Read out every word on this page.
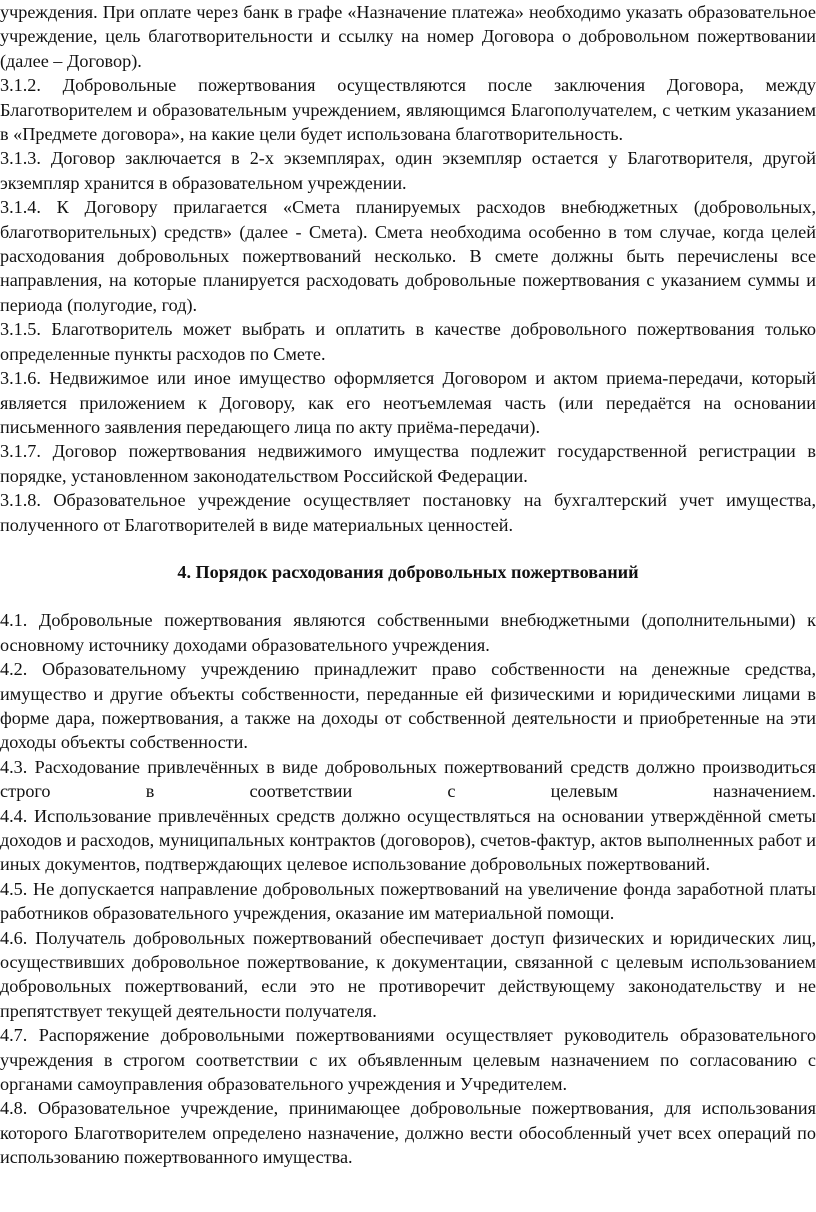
учреждения. При оплате через банк в графе «Назначение платежа» необходимо указать образовательное учреждение, цель благотворительности и ссылку на номер Договора о добровольном пожертвовании (далее – Договор).

3.1.2. Добровольные пожертвования осуществляются после заключения Договора, между Благотворителем и образовательным учреждением, являющимся Благополучателем, с четким указанием в «Предмете договора», на какие цели будет использована благотворительность.

3.1.3. Договор заключается в 2-х экземплярах, один экземпляр остается у Благотворителя, другой экземпляр хранится в образовательном учреждении.

3.1.4. К Договору прилагается «Смета планируемых расходов внебюджетных (добровольных, благотворительных) средств» (далее - Смета). Смета необходима особенно в том случае, когда целей расходования добровольных пожертвований несколько. В смете должны быть перечислены все направления, на которые планируется расходовать добровольные пожертвования с указанием суммы и периода (полугодие, год).

3.1.5. Благотворитель может выбрать и оплатить в качестве добровольного пожертвования только определенные пункты расходов по Смете.

3.1.6. Недвижимое или иное имущество оформляется Договором и актом приема-передачи, который является приложением к Договору, как его неотъемлемая часть (или передаётся на основании письменного заявления передающего лица по акту приёма-передачи).

3.1.7. Договор пожертвования недвижимого имущества подлежит государственной регистрации в порядке, установленном законодательством Российской Федерации.

3.1.8. Образовательное учреждение осуществляет постановку на бухгалтерский учет имущества, полученного от Благотворителей в виде материальных ценностей.

4. Порядок расходования добровольных пожертвований

4.1. Добровольные пожертвования являются собственными внебюджетными (дополнительными) к основному источнику доходами образовательного учреждения.

4.2. Образовательному учреждению принадлежит право собственности на денежные средства, имущество и другие объекты собственности, переданные ей физическими и юридическими лицами в форме дара, пожертвования, а также на доходы от собственной деятельности и приобретенные на эти доходы объекты собственности.

4.3. Расходование привлечённых в виде добровольных пожертвований средств должно производиться строго в соответствии с целевым назначением.

4.4. Использование привлечённых средств должно осуществляться на основании утверждённой сметы доходов и расходов, муниципальных контрактов (договоров), счетов-фактур, актов выполненных работ и иных документов, подтверждающих целевое использование добровольных пожертвований.

4.5. Не допускается направление добровольных пожертвований на увеличение фонда заработной платы работников образовательного учреждения, оказание им материальной помощи.

4.6. Получатель добровольных пожертвований обеспечивает доступ физических и юридических лиц, осуществивших добровольное пожертвование, к документации, связанной с целевым использованием добровольных пожертвований, если это не противоречит действующему законодательству и не препятствует текущей деятельности получателя.

4.7. Распоряжение добровольными пожертвованиями осуществляет руководитель образовательного учреждения в строгом соответствии с их объявленным целевым назначением по согласованию с органами самоуправления образовательного учреждения и Учредителем.

4.8. Образовательное учреждение, принимающее добровольные пожертвования, для использования которого Благотворителем определено назначение, должно вести обособленный учет всех операций по использованию пожертвованного имущества.
